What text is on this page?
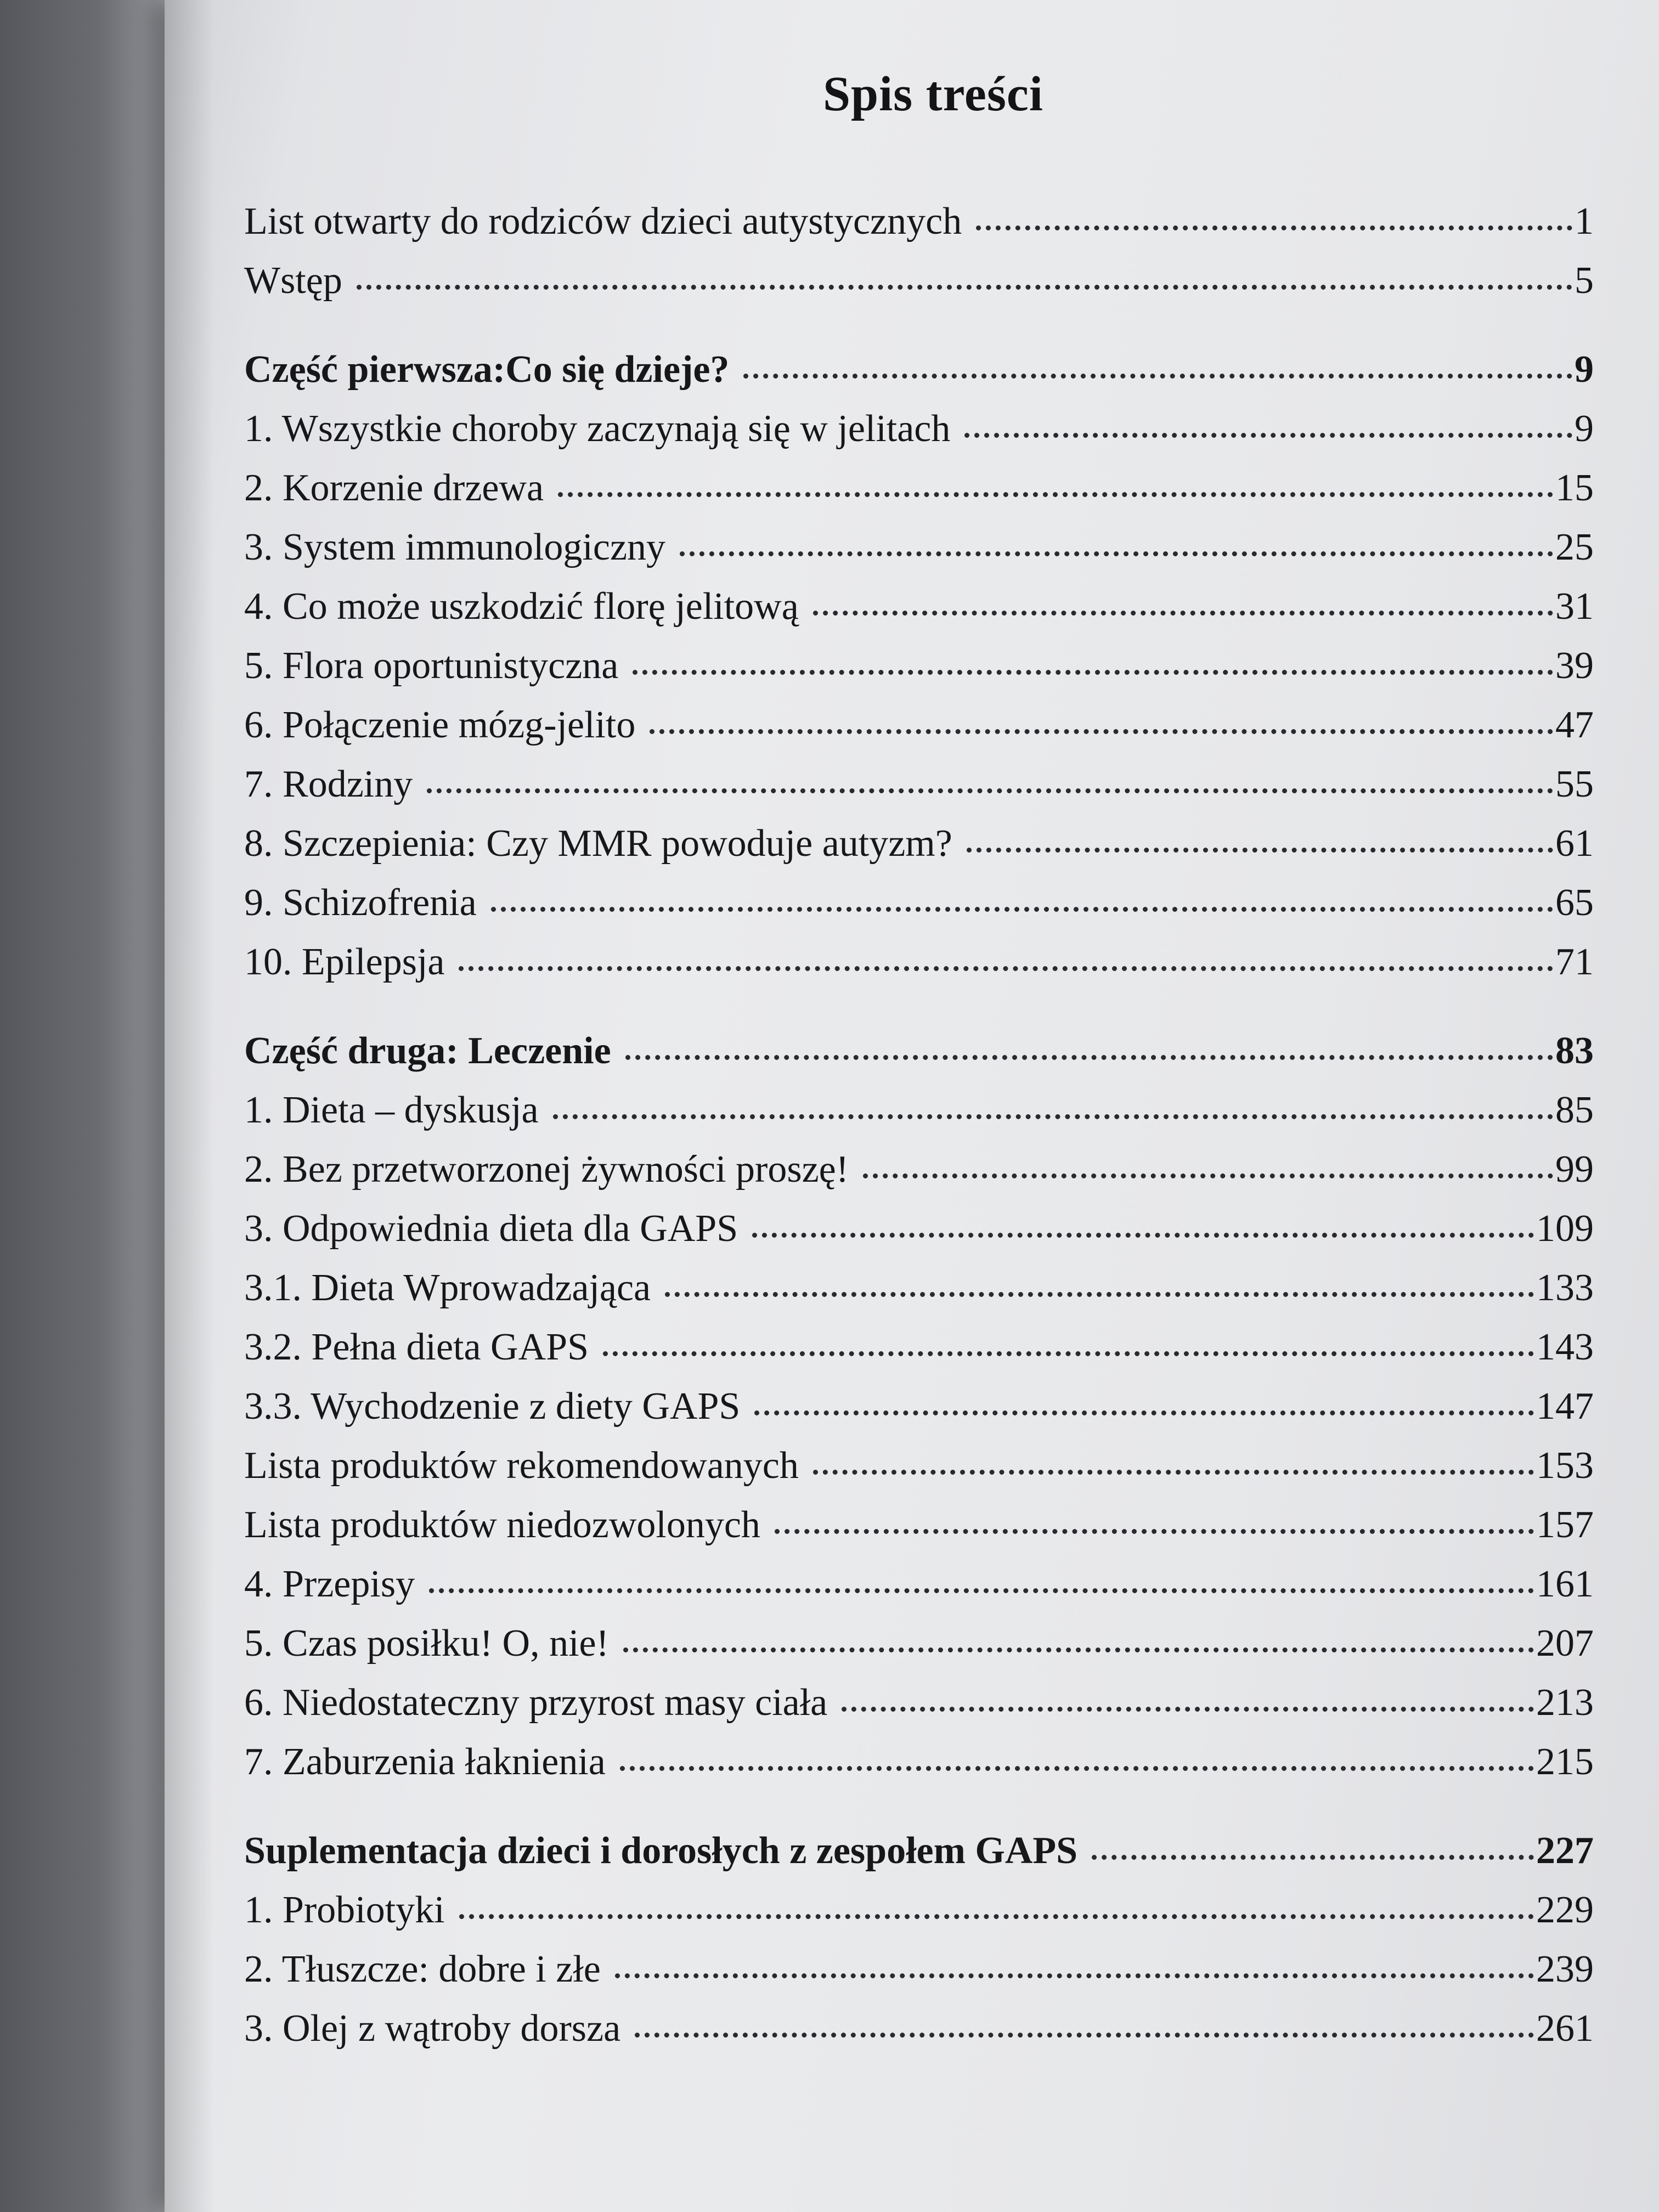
Spis treści
List otwarty do rodziców dzieci autystycznych	1
Wstęp	5
Część pierwsza:Co się dzieje?	9
1. Wszystkie choroby zaczynają się w jelitach	9
2. Korzenie drzewa	15
3. System immunologiczny	25
4. Co może uszkodzić florę jelitową	31
5. Flora oportunistyczna	39
6. Połączenie mózg-jelito	47
7. Rodziny	55
8. Szczepienia: Czy MMR powoduje autyzm?	61
9. Schizofrenia	65
10. Epilepsja	71
Część druga: Leczenie	83
1. Dieta – dyskusja	85
2. Bez przetworzonej żywności proszę!	99
3. Odpowiednia dieta dla GAPS	109
3.1. Dieta Wprowadzająca	133
3.2. Pełna dieta GAPS	143
3.3. Wychodzenie z diety GAPS	147
Lista produktów rekomendowanych	153
Lista produktów niedozwolonych	157
4. Przepisy	161
5. Czas posiłku! O, nie!	207
6. Niedostateczny przyrost masy ciała	213
7. Zaburzenia łaknienia	215
Suplementacja dzieci i dorosłych z zespołem GAPS	227
1. Probiotyki	229
2. Tłuszcze: dobre i złe	239
3. Olej z wątroby dorsza	261
